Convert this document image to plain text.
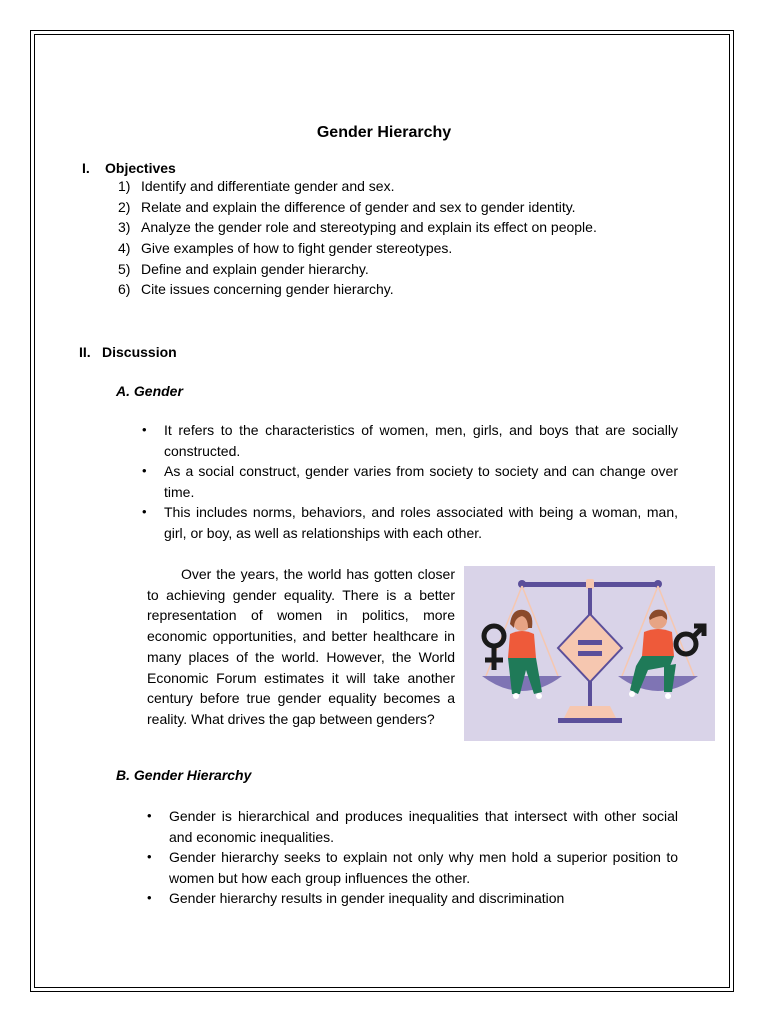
Gender Hierarchy
I. Objectives
1) Identify and differentiate gender and sex.
2) Relate and explain the difference of gender and sex to gender identity.
3) Analyze the gender role and stereotyping and explain its effect on people.
4) Give examples of how to fight gender stereotypes.
5) Define and explain gender hierarchy.
6) Cite issues concerning gender hierarchy.
II. Discussion
A. Gender
• It refers to the characteristics of women, men, girls, and boys that are socially constructed.
• As a social construct, gender varies from society to society and can change over time.
• This includes norms, behaviors, and roles associated with being a woman, man, girl, or boy, as well as relationships with each other.

Over the years, the world has gotten closer to achieving gender equality. There is a better representation of women in politics, more economic opportunities, and better healthcare in many places of the world. However, the World Economic Forum estimates it will take another century before true gender equality becomes a reality. What drives the gap between genders?

B. Gender Hierarchy
• Gender is hierarchical and produces inequalities that intersect with other social and economic inequalities.
• Gender hierarchy seeks to explain not only why men hold a superior position to women but how each group influences the other.
• Gender hierarchy results in gender inequality and discrimination
